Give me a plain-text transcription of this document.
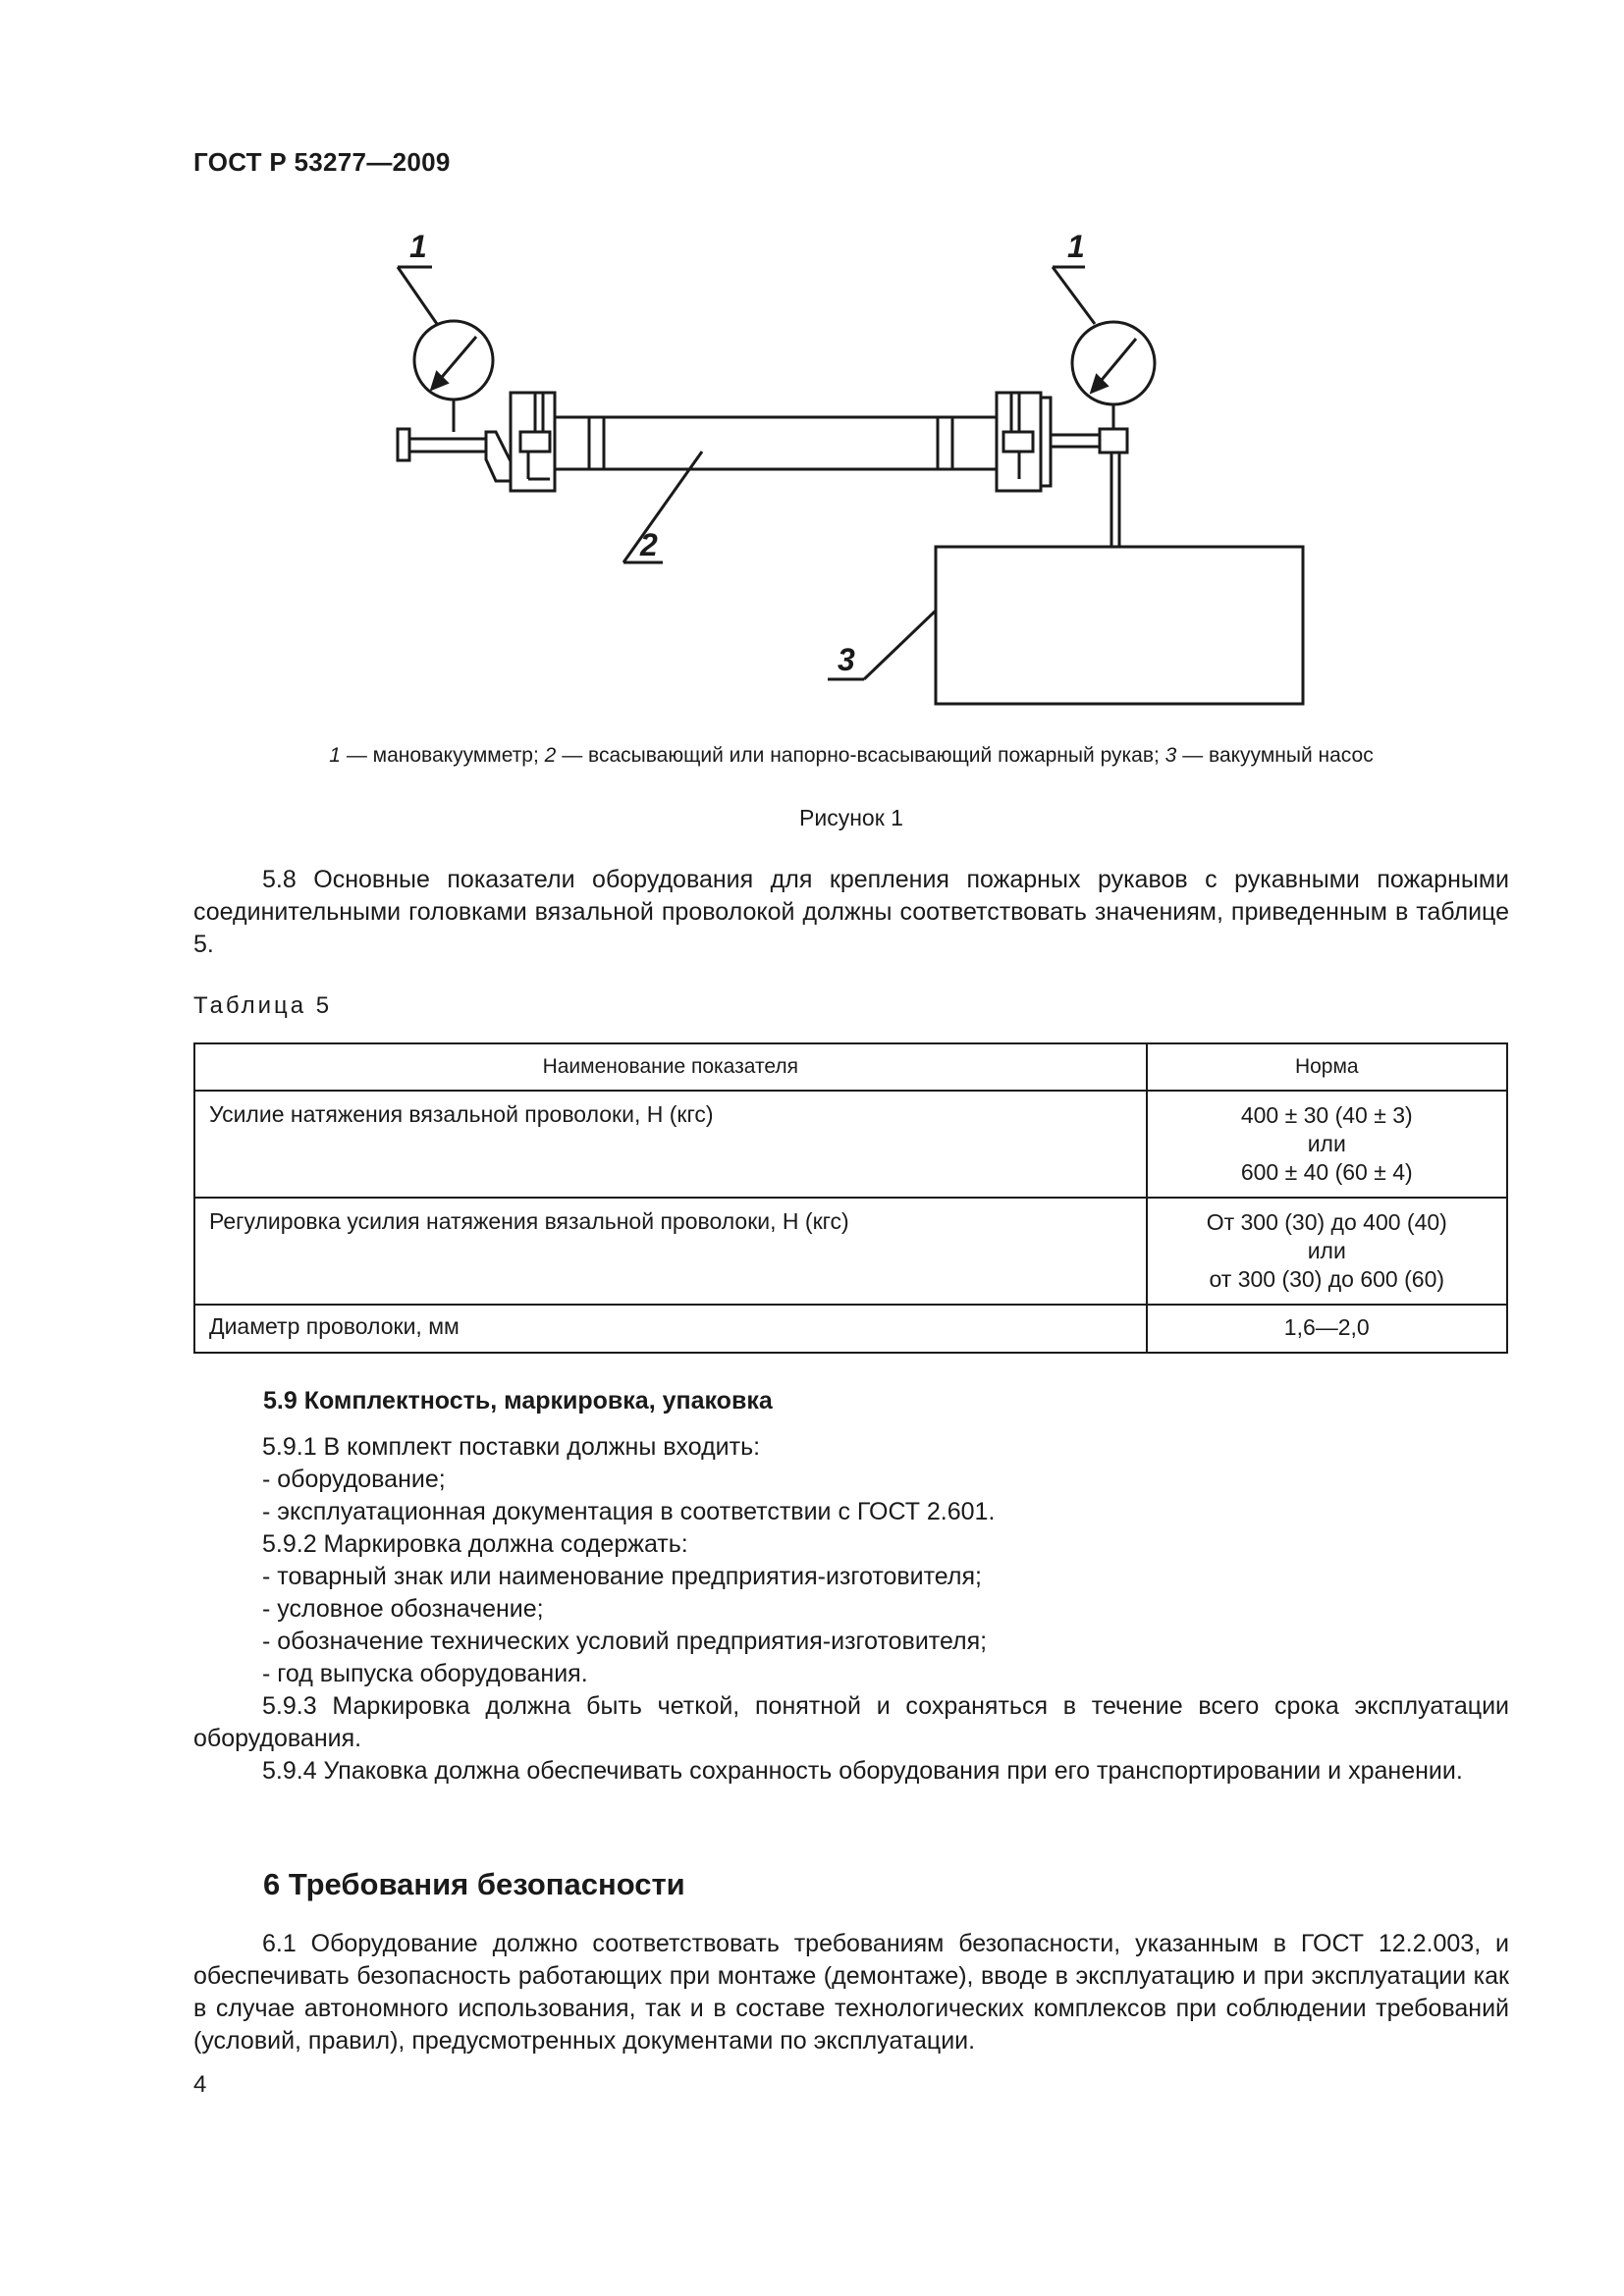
ГОСТ Р 53277—2009
1	1
2
3
1 — мановакуумметр; 2 — всасывающий или напорно-всасывающий пожарный рукав; 3 — вакуумный насос
Рисунок 1
5.8 Основные показатели оборудования для крепления пожарных рукавов с рукавными пожарными соединительными головками вязальной проволокой должны соответствовать значениям, приведенным в таблице 5.
Таблица 5
Наименование показателя	Норма
Усилие натяжения вязальной проволоки, Н (кгс)	400 ± 30 (40 ± 3)
или
600 ± 40 (60 ± 4)

Регулировка усилия натяжения вязальной проволоки, Н (кгс)	От 300 (30) до 400 (40)
или
от 300 (30) до 600 (60)

Диаметр проволоки, мм	1,6—2,0
5.9 Комплектность, маркировка, упаковка
5.9.1 В комплект поставки должны входить:
- оборудование;
- эксплуатационная документация в соответствии с ГОСТ 2.601.
5.9.2 Маркировка должна содержать:
- товарный знак или наименование предприятия-изготовителя;
- условное обозначение;
- обозначение технических условий предприятия-изготовителя;
- год выпуска оборудования.
5.9.3 Маркировка должна быть четкой, понятной и сохраняться в течение всего срока эксплуатации оборудования.
5.9.4 Упаковка должна обеспечивать сохранность оборудования при его транспортировании и хранении.
6 Требования безопасности
6.1 Оборудование должно соответствовать требованиям безопасности, указанным в ГОСТ 12.2.003, и обеспечивать безопасность работающих при монтаже (демонтаже), вводе в эксплуатацию и при эксплуатации как в случае автономного использования, так и в составе технологических комплексов при соблюдении требований (условий, правил), предусмотренных документами по эксплуатации.
4
